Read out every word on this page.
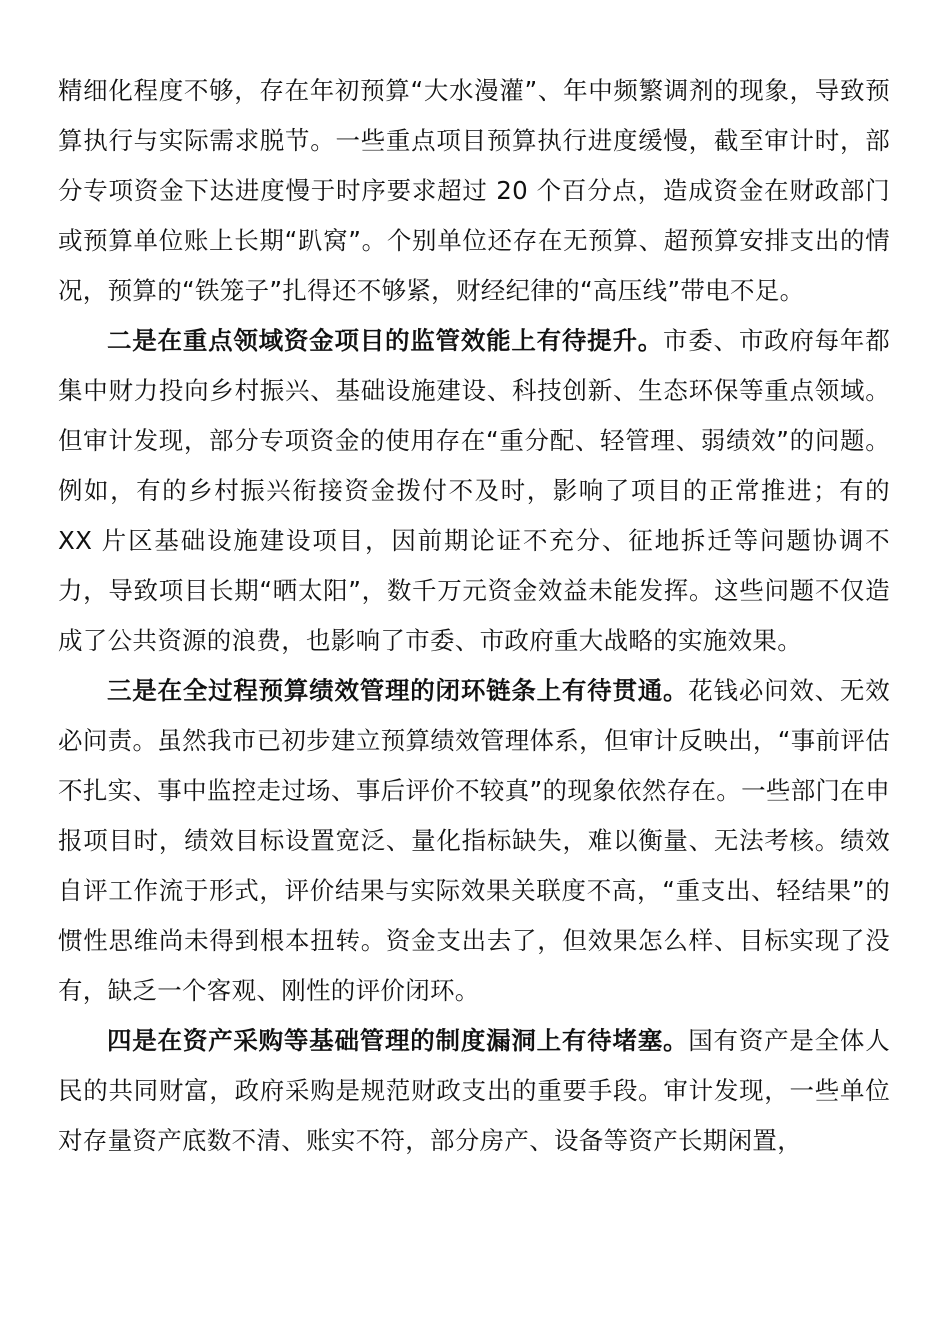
精细化程度不够，存在年初预算“大水漫灌”、年中频繁调剂的现象，导致预算执行与实际需求脱节。一些重点项目预算执行进度缓慢，截至审计时，部分专项资金下达进度慢于时序要求超过 20 个百分点，造成资金在财政部门或预算单位账上长期“趴窝”。个别单位还存在无预算、超预算安排支出的情况，预算的“铁笼子”扎得还不够紧，财经纪律的“高压线”带电不足。

二是在重点领域资金项目的监管效能上有待提升。市委、市政府每年都集中财力投向乡村振兴、基础设施建设、科技创新、生态环保等重点领域。但审计发现，部分专项资金的使用存在“重分配、轻管理、弱绩效”的问题。例如，有的乡村振兴衔接资金拨付不及时，影响了项目的正常推进；有的 XX 片区基础设施建设项目，因前期论证不充分、征地拆迁等问题协调不力，导致项目长期“晒太阳”，数千万元资金效益未能发挥。这些问题不仅造成了公共资源的浪费，也影响了市委、市政府重大战略的实施效果。

三是在全过程预算绩效管理的闭环链条上有待贯通。花钱必问效、无效必问责。虽然我市已初步建立预算绩效管理体系，但审计反映出，“事前评估不扎实、事中监控走过场、事后评价不较真”的现象依然存在。一些部门在申报项目时，绩效目标设置宽泛、量化指标缺失，难以衡量、无法考核。绩效自评工作流于形式，评价结果与实际效果关联度不高，“重支出、轻结果”的惯性思维尚未得到根本扭转。资金支出去了，但效果怎么样、目标实现了没有，缺乏一个客观、刚性的评价闭环。

四是在资产采购等基础管理的制度漏洞上有待堵塞。国有资产是全体人民的共同财富，政府采购是规范财政支出的重要手段。审计发现，一些单位对存量资产底数不清、账实不符，部分房产、设备等资产长期闲置，
